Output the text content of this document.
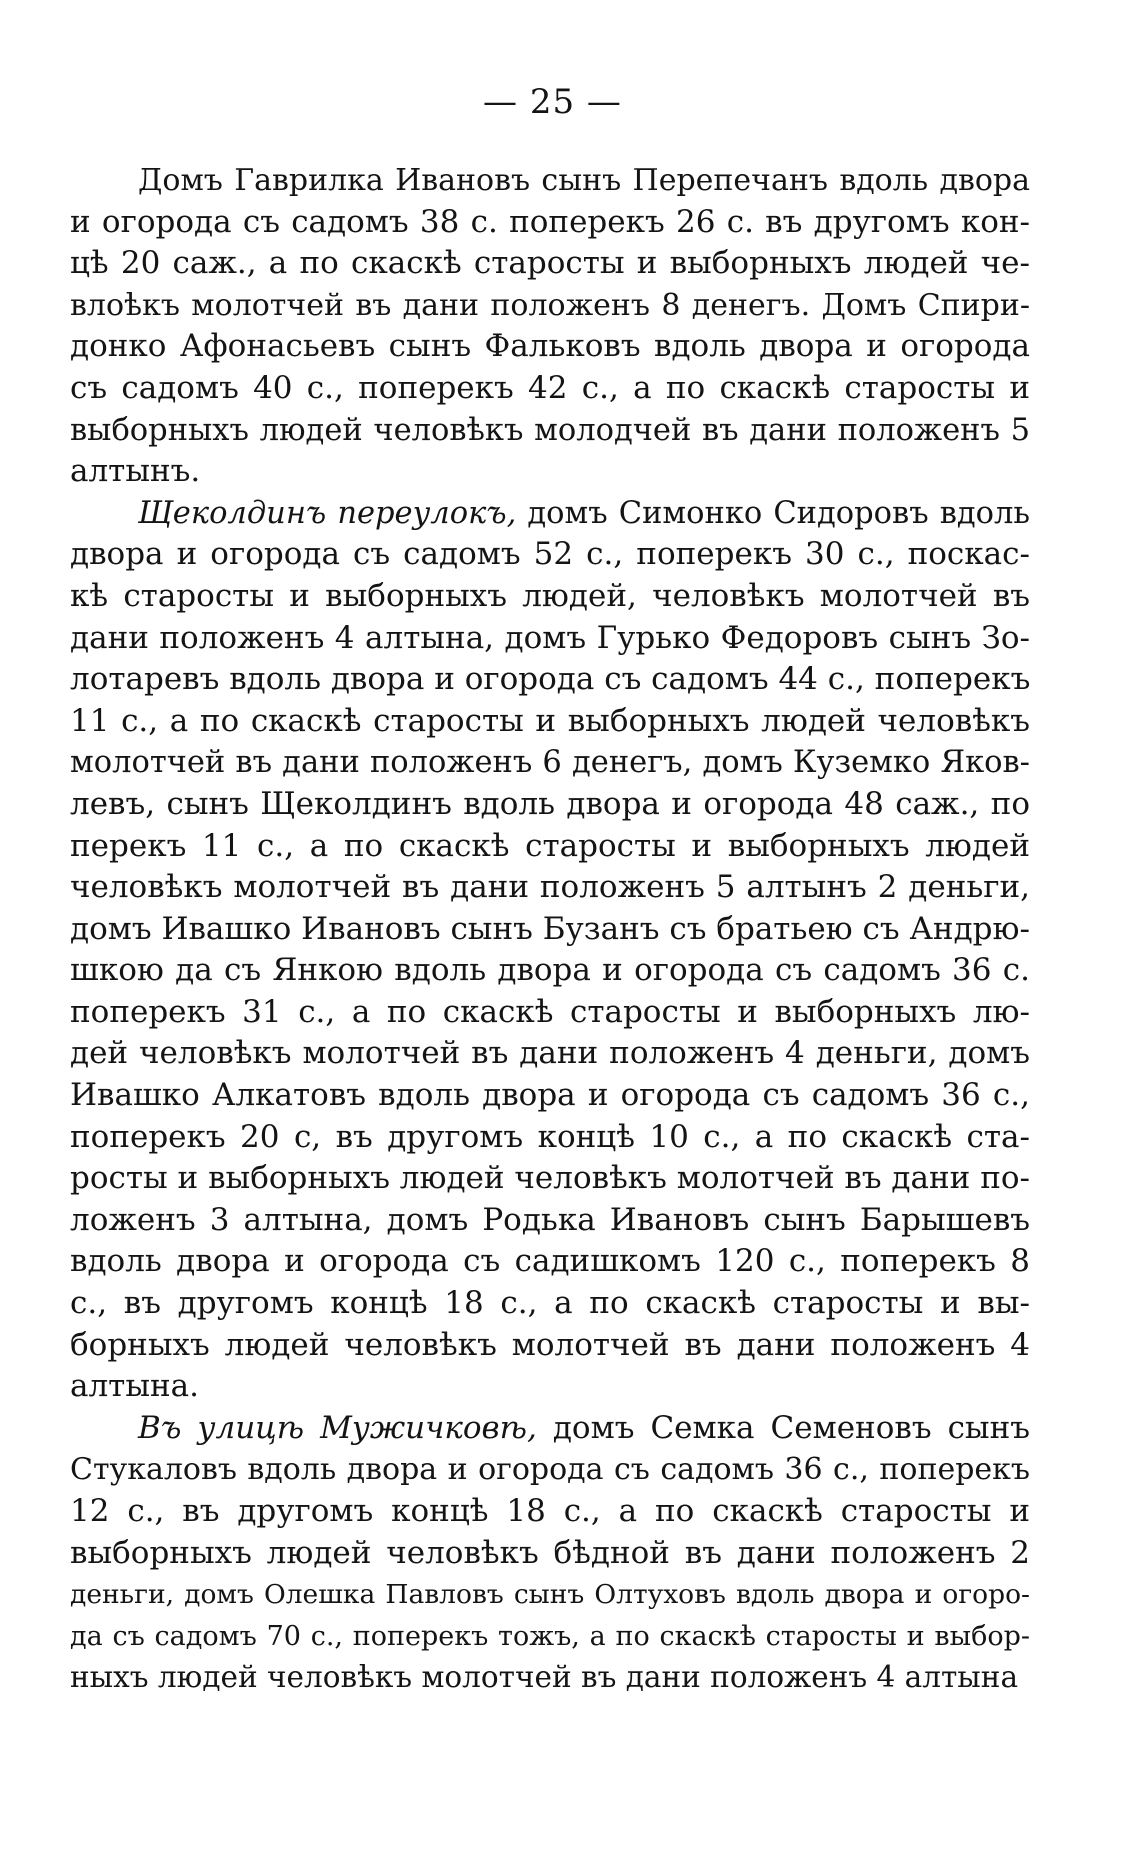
— 25 —
Домъ Гаврилка Ивановъ сынъ Перепечанъ вдоль двора
и огорода съ садомъ 38 с. поперекъ 26 с. въ другомъ кон-
цѣ 20 саж., а по скаскѣ старосты и выборныхъ людей че-
влоѣкъ молотчей въ дани положенъ 8 денегъ. Домъ Спири-
донко Афонасьевъ сынъ Фальковъ вдоль двора и огорода
съ садомъ 40 с., поперекъ 42 с., а по скаскѣ старосты и
выборныхъ людей человѣкъ молодчей въ дани положенъ 5
алтынъ.
Щеколдинъ переулокъ, домъ Симонко Сидоровъ вдоль
двора и огорода съ садомъ 52 с., поперекъ 30 с., поскас-
кѣ старосты и выборныхъ людей, человѣкъ молотчей въ
дани положенъ 4 алтына, домъ Гурько Федоровъ сынъ Зо-
лотаревъ вдоль двора и огорода съ садомъ 44 с., поперекъ
11 с., а по скаскѣ старосты и выборныхъ людей человѣкъ
молотчей въ дани положенъ 6 денегъ, домъ Куземко Яков-
левъ, сынъ Щеколдинъ вдоль двора и огорода 48 саж., по
перекъ 11 с., а по скаскѣ старосты и выборныхъ людей
человѣкъ молотчей въ дани положенъ 5 алтынъ 2 деньги,
домъ Ивашко Ивановъ сынъ Бузанъ съ братьею съ Андрю-
шкою да съ Янкою вдоль двора и огорода съ садомъ 36 с.
поперекъ 31 с., а по скаскѣ старосты и выборныхъ лю-
дей человѣкъ молотчей въ дани положенъ 4 деньги, домъ
Ивашко Алкатовъ вдоль двора и огорода съ садомъ 36 с.,
поперекъ 20 с, въ другомъ концѣ 10 с., а по скаскѣ ста-
росты и выборныхъ людей человѣкъ молотчей въ дани по-
ложенъ 3 алтына, домъ Родька Ивановъ сынъ Барышевъ
вдоль двора и огорода съ садишкомъ 120 с., поперекъ 8
с., въ другомъ концѣ 18 с., а по скаскѣ старосты и вы-
борныхъ людей человѣкъ молотчей въ дани положенъ 4
алтына.
Въ улицѣ Мужичковѣ, домъ Семка Семеновъ сынъ
Стукаловъ вдоль двора и огорода съ садомъ 36 с., поперекъ
12 с., въ другомъ концѣ 18 с., а по скаскѣ старосты и
выборныхъ людей человѣкъ бѣдной въ дани положенъ 2
деньги, домъ Олешка Павловъ сынъ Олтуховъ вдоль двора и огоро-
да съ садомъ 70 с., поперекъ тожъ, а по скаскѣ старосты и выбор-
ныхъ людей человѣкъ молотчей въ дани положенъ 4 алтына
